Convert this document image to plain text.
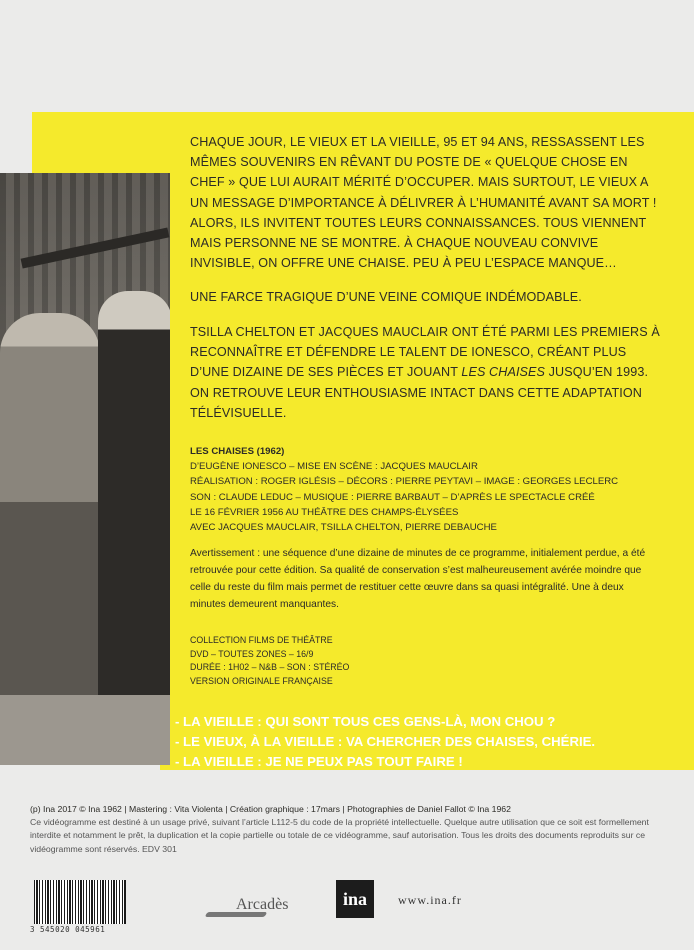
CHAQUE JOUR, LE VIEUX ET LA VIEILLE, 95 ET 94 ANS, RESSASSENT LES MÊMES SOUVENIRS EN RÊVANT DU POSTE DE « QUELQUE CHOSE EN CHEF » QUE LUI AURAIT MÉRITÉ D’OCCUPER. MAIS SURTOUT, LE VIEUX A UN MESSAGE D’IMPORTANCE À DÉLIVRER À L’HUMANITÉ AVANT SA MORT ! ALORS, ILS INVITENT TOUTES LEURS CONNAISSANCES. TOUS VIENNENT MAIS PERSONNE NE SE MONTRE. À CHAQUE NOUVEAU CONVIVE INVISIBLE, ON OFFRE UNE CHAISE. PEU À PEU L’ESPACE MANQUE…
UNE FARCE TRAGIQUE D’UNE VEINE COMIQUE INDÉMODABLE.
TSILLA CHELTON ET JACQUES MAUCLAIR ONT ÉTÉ PARMI LES PREMIERS À RECONNAÎTRE ET DÉFENDRE LE TALENT DE IONESCO, CRÉANT PLUS D’UNE DIZAINE DE SES PIÈCES ET JOUANT LES CHAISES JUSQU’EN 1993. ON RETROUVE LEUR ENTHOUSIASME INTACT DANS CETTE ADAPTATION TÉLÉVISUELLE.
LES CHAISES (1962)
D’EUGÈNE IONESCO – MISE EN SCÈNE : JACQUES MAUCLAIR
RÉALISATION : ROGER IGLÉSIS – DÉCORS : PIERRE PEYTAVI – IMAGE : GEORGES LECLERC
SON : CLAUDE LEDUC – MUSIQUE : PIERRE BARBAUT – D’APRÈS LE SPECTACLE CRÉÉ
LE 16 FÉVRIER 1956 AU THÉÂTRE DES CHAMPS-ÉLYSÉES
AVEC JACQUES MAUCLAIR, TSILLA CHELTON, PIERRE DEBAUCHE
Avertissement : une séquence d’une dizaine de minutes de ce programme, initialement perdue, a été retrouvée pour cette édition. Sa qualité de conservation s’est malheureusement avérée moindre que celle du reste du film mais permet de restituer cette œuvre dans sa quasi intégralité. Une à deux minutes demeurent manquantes.
COLLECTION FILMS DE THÉÂTRE
DVD – TOUTES ZONES – 16/9
DURÉE : 1H02 – N&B – SON : STÉRÉO
VERSION ORIGINALE FRANÇAISE
- LA VIEILLE : QUI SONT TOUS CES GENS-LÀ, MON CHOU ?
- LE VIEUX, À LA VIEILLE : VA CHERCHER DES CHAISES, CHÉRIE.
- LA VIEILLE : JE NE PEUX PAS TOUT FAIRE !
(p) Ina 2017 © Ina 1962 | Mastering : Vita Violenta | Création graphique : 17mars | Photographies de Daniel Fallot © Ina 1962
Ce vidéogramme est destiné à un usage privé, suivant l’article L112-5 du code de la propriété intellectuelle. Quelque autre utilisation que ce soit est formellement interdite et notamment le prêt, la duplication et la copie partielle ou totale de ce vidéogramme, sauf autorisation. Tous les droits des documents reproduits sur ce vidéogramme sont réservés. EDV 301
3 545020 045961
Arcadès	ina	www.ina.fr
